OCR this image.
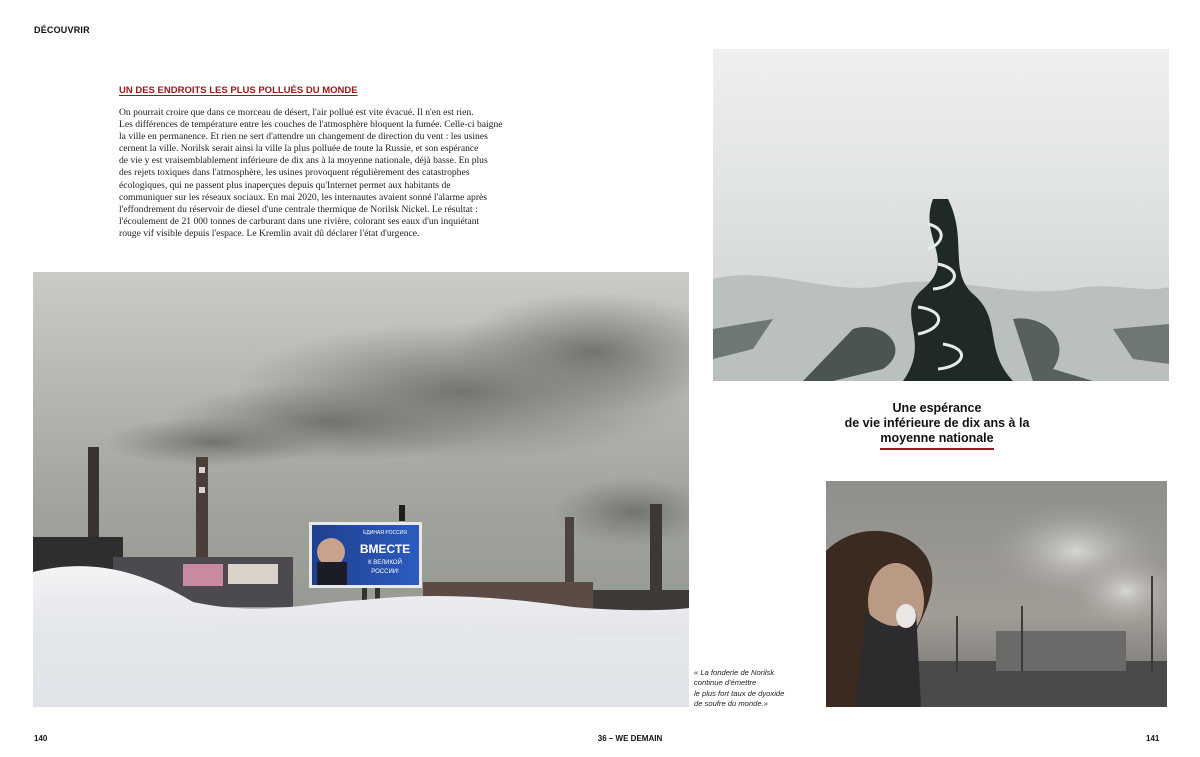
DÉCOUVRIR
UN DES ENDROITS LES PLUS POLLUÉS DU MONDE
On pourrait croire que dans ce morceau de désert, l'air pollué est vite évacué. Il n'en est rien.
Les différences de température entre les couches de l'atmosphère bloquent la fumée. Celle-ci baigne
la ville en permanence. Et rien ne sert d'attendre un changement de direction du vent : les usines
cernent la ville. Norilsk serait ainsi la ville la plus polluée de toute la Russie, et son espérance
de vie y est vraisemblablement inférieure de dix ans à la moyenne nationale, déjà basse. En plus
des rejets toxiques dans l'atmosphère, les usines provoquent régulièrement des catastrophes
écologiques, qui ne passent plus inaperçues depuis qu'Internet permet aux habitants de
communiquer sur les réseaux sociaux. En mai 2020, les internautes avaient sonné l'alarme après
l'effondrement du réservoir de diesel d'une centrale thermique de Norilsk Nickel. Le résultat :
l'écoulement de 21 000 tonnes de carburant dans une rivière, colorant ses eaux d'un inquiétant
rouge vif visible depuis l'espace. Le Kremlin avait dû déclarer l'état d'urgence.
ЕДИНАЯ РОССИЯ
ВМЕСТЕ
К ВЕЛИКОЙ
РОССИИ!
Une espérance
de vie inférieure de dix ans à la
moyenne nationale
« La fonderie de Norilsk
continue d'émettre
le plus fort taux de dyoxide
de soufre du monde.»
140	36 – WE DEMAIN	141
